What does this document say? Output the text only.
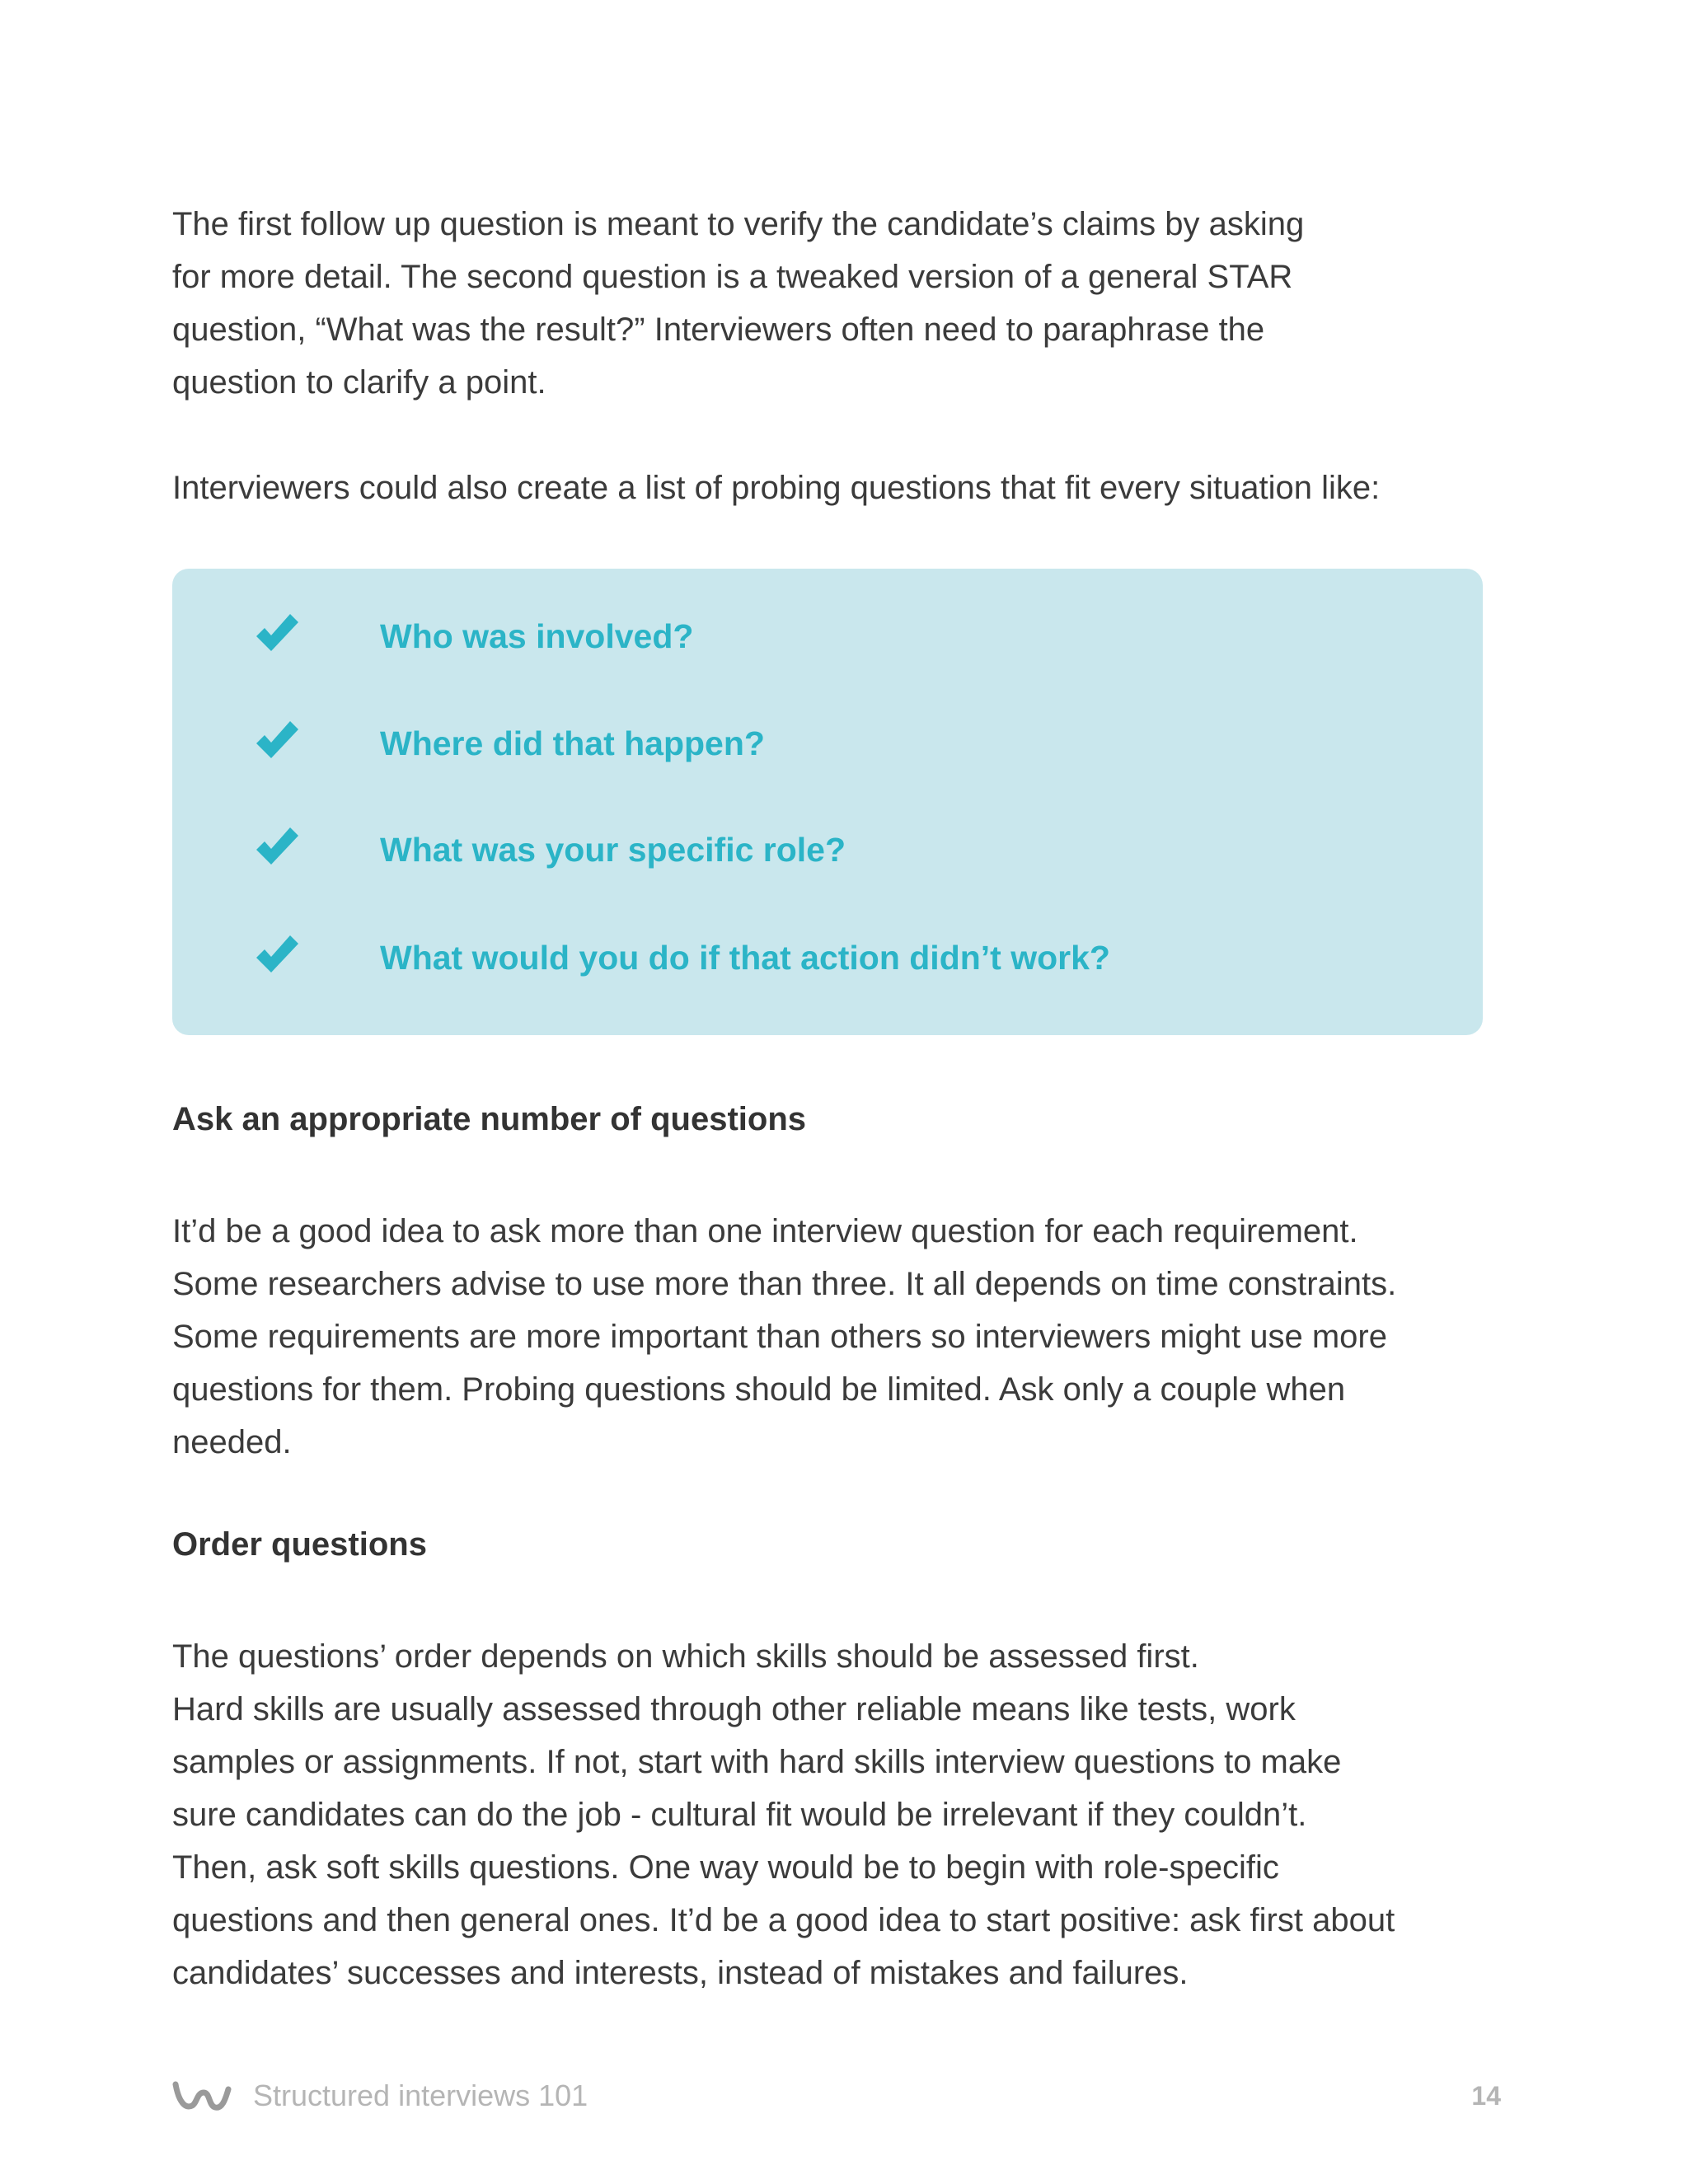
The first follow up question is meant to verify the candidate’s claims by asking
for more detail. The second question is a tweaked version of a general STAR
question, “What was the result?” Interviewers often need to paraphrase the
question to clarify a point.

Interviewers could also create a list of probing questions that fit every situation like:

Who was involved?
Where did that happen?
What was your specific role?
What would you do if that action didn’t work?
Ask an appropriate number of questions

It’d be a good idea to ask more than one interview question for each requirement.
Some researchers advise to use more than three. It all depends on time constraints.
Some requirements are more important than others so interviewers might use more
questions for them. Probing questions should be limited. Ask only a couple when
needed.

Order questions

The questions’ order depends on which skills should be assessed first.
Hard skills are usually assessed through other reliable means like tests, work
samples or assignments. If not, start with hard skills interview questions to make
sure candidates can do the job - cultural fit would be irrelevant if they couldn’t.
Then, ask soft skills questions. One way would be to begin with role-specific
questions and then general ones. It’d be a good idea to start positive: ask first about
candidates’ successes and interests, instead of mistakes and failures.

Structured interviews 101	14
